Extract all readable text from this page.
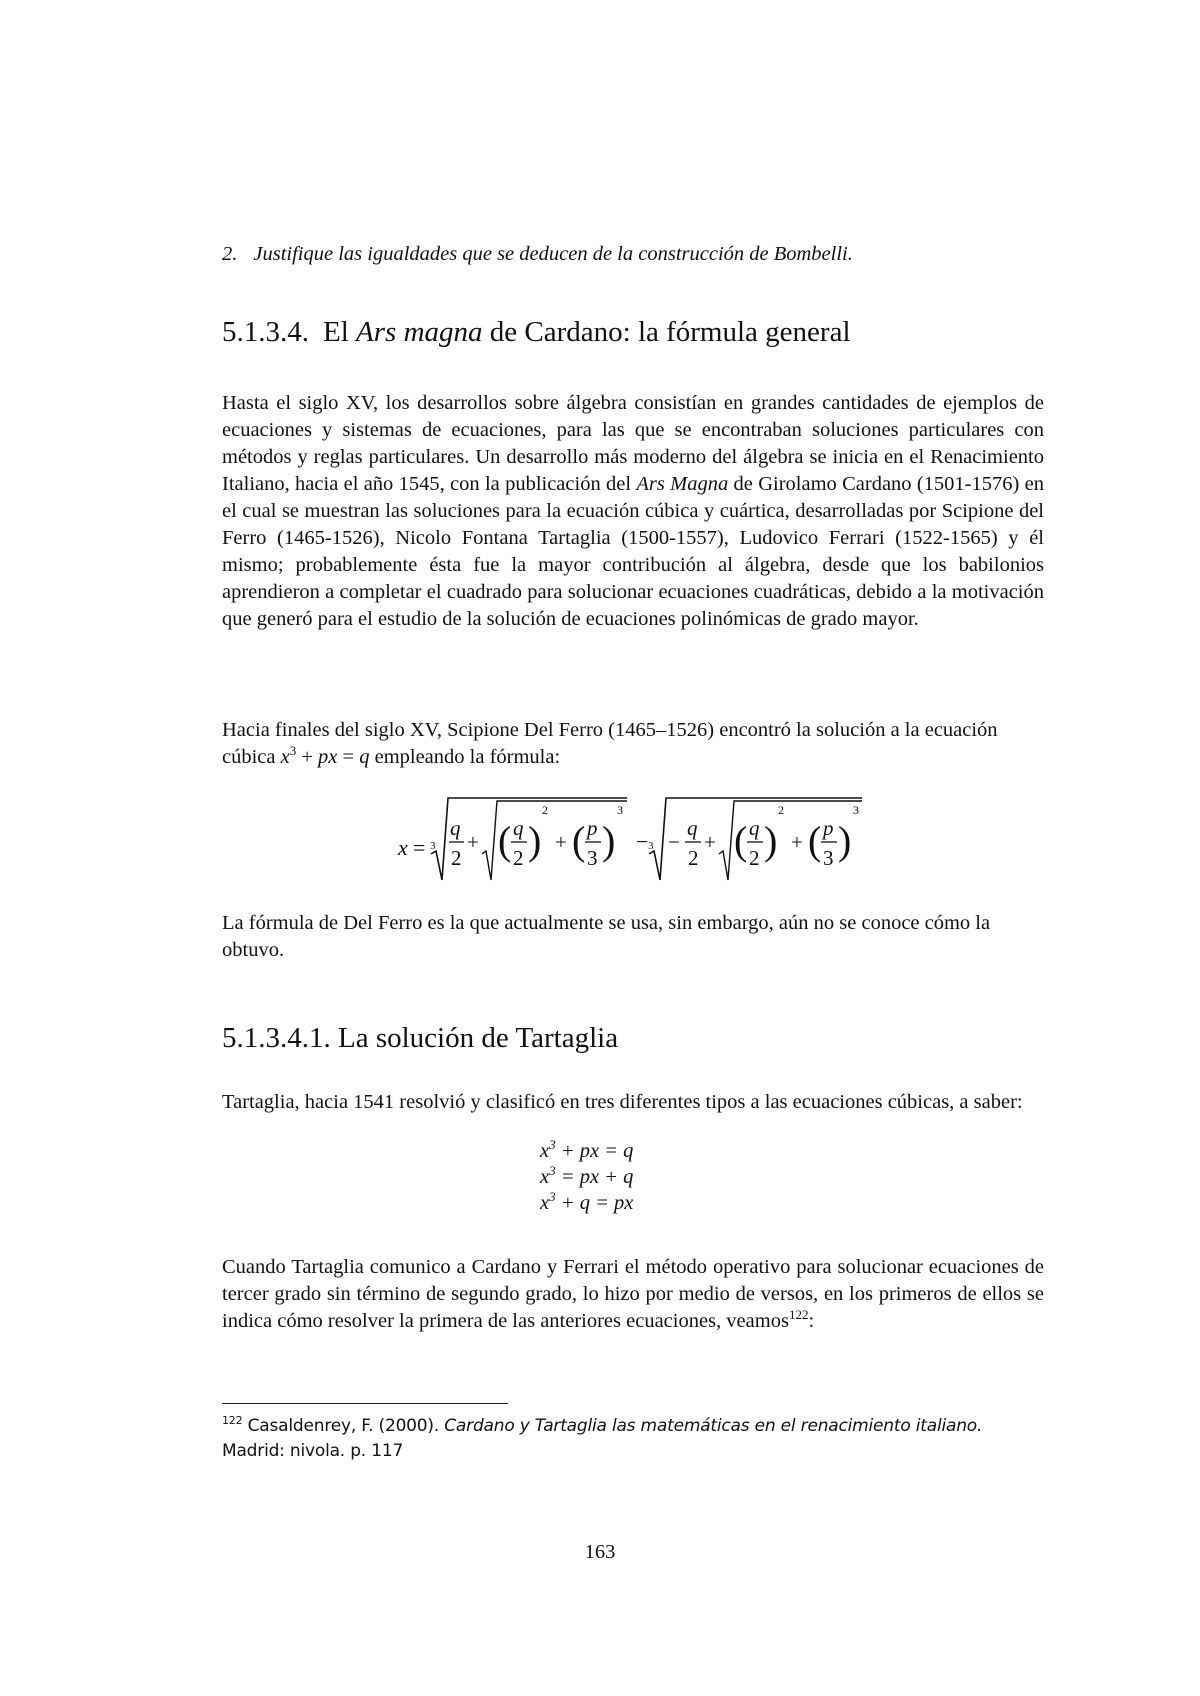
2. Justifique las igualdades que se deducen de la construcción de Bombelli.
5.1.3.4. El Ars magna de Cardano: la fórmula general

Hasta el siglo XV, los desarrollos sobre álgebra consistían en grandes cantidades de ejemplos de ecuaciones y sistemas de ecuaciones, para las que se encontraban soluciones particulares con métodos y reglas particulares. Un desarrollo más moderno del álgebra se inicia en el Renacimiento Italiano, hacia el año 1545, con la publicación del Ars Magna de Girolamo Cardano (1501-1576) en el cual se muestran las soluciones para la ecuación cúbica y cuártica, desarrolladas por Scipione del Ferro (1465-1526), Nicolo Fontana Tartaglia (1500-1557), Ludovico Ferrari (1522-1565) y él mismo; probablemente ésta fue la mayor contribución al álgebra, desde que los babilonios aprendieron a completar el cuadrado para solucionar ecuaciones cuadráticas, debido a la motivación que generó para el estudio de la solución de ecuaciones polinómicas de grado mayor.

Hacia finales del siglo XV, Scipione Del Ferro (1465–1526) encontró la solución a la ecuación cúbica $x^3$ + px = q empleando la fórmula:

x = 3
q
2
+ ( q
2 )
2
+ ( p
3 )
3
− 3 −
q
2
+ ( q
2 )
2
+ ( p
3 )
3

La fórmula de Del Ferro es la que actualmente se usa, sin embargo, aún no se conoce cómo la obtuvo.

5.1.3.4.1. La solución de Tartaglia

Tartaglia, hacia 1541 resolvió y clasificó en tres diferentes tipos a las ecuaciones cúbicas, a saber:

$x^3$ + px = q
$x^3$ = px + q
$x^3 + q$ = px

Cuando Tartaglia comunico a Cardano y Ferrari el método operativo para solucionar ecuaciones de tercer grado sin término de segundo grado, lo hizo por medio de versos, en los primeros de ellos se indica cómo resolver la primera de las anteriores ecuaciones, veamos$^{122}$:

$^{122}$ Casaldenrey, F. (2000). Cardano y Tartaglia las matemáticas en el renacimiento italiano. Madrid: nivola. p. 117
163
